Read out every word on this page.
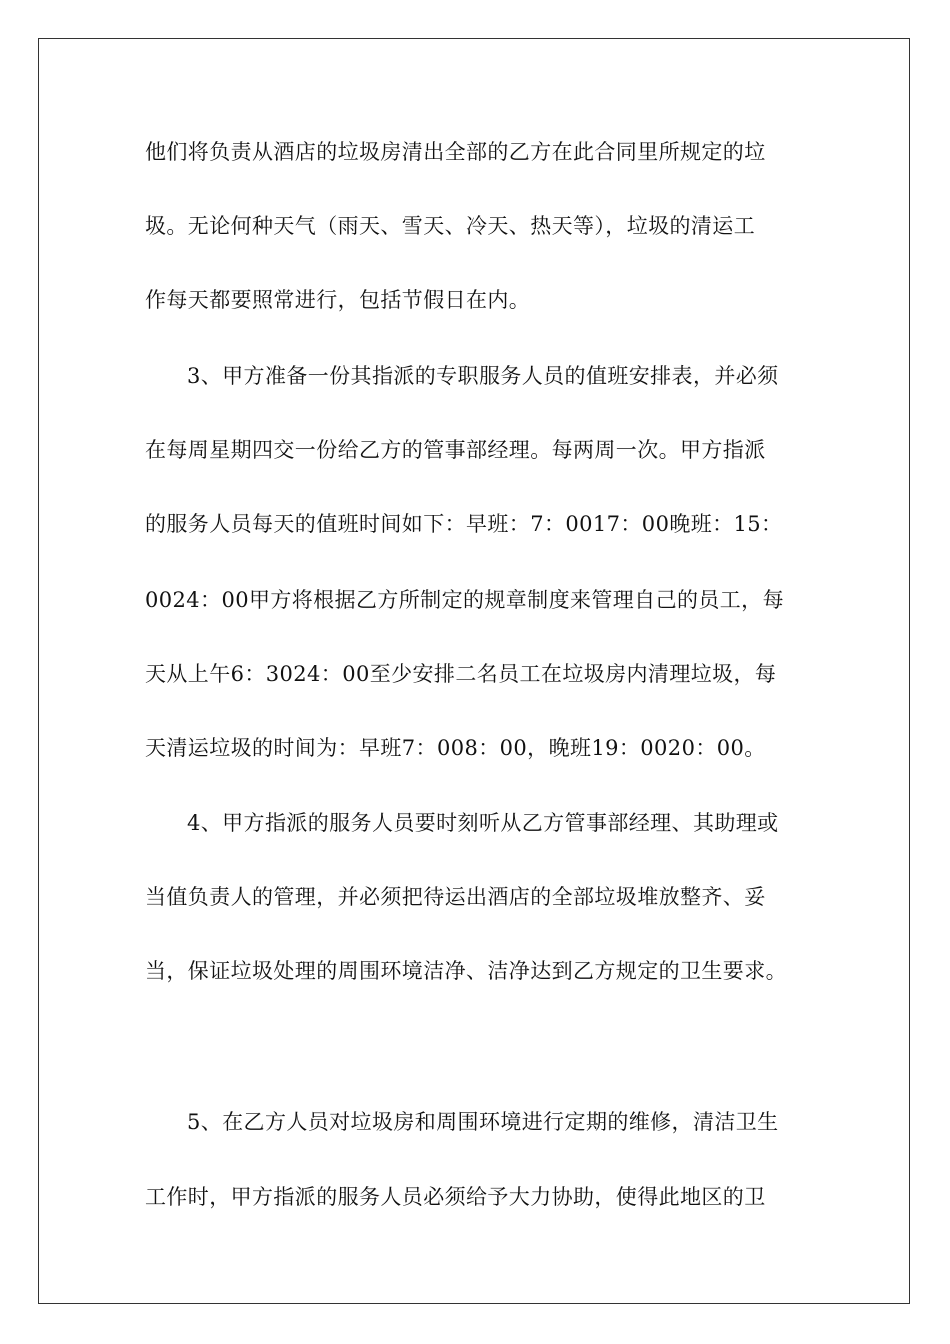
他们将负责从酒店的垃圾房清出全部的乙方在此合同里所规定的垃
圾。无论何种天气（雨天、雪天、冷天、热天等），垃圾的清运工
作每天都要照常进行，包括节假日在内。
3、甲方准备一份其指派的专职服务人员的值班安排表，并必须
在每周星期四交一份给乙方的管事部经理。每两周一次。甲方指派
的服务人员每天的值班时间如下：早班：7：0017：00晚班：15：
0024：00甲方将根据乙方所制定的规章制度来管理自己的员工，每
天从上午6：3024：00至少安排二名员工在垃圾房内清理垃圾，每
天清运垃圾的时间为：早班7：008：00，晚班19：0020：00。
4、甲方指派的服务人员要时刻听从乙方管事部经理、其助理或
当值负责人的管理，并必须把待运出酒店的全部垃圾堆放整齐、妥
当，保证垃圾处理的周围环境洁净、洁净达到乙方规定的卫生要求。
5、在乙方人员对垃圾房和周围环境进行定期的维修，清洁卫生
工作时，甲方指派的服务人员必须给予大力协助，使得此地区的卫
